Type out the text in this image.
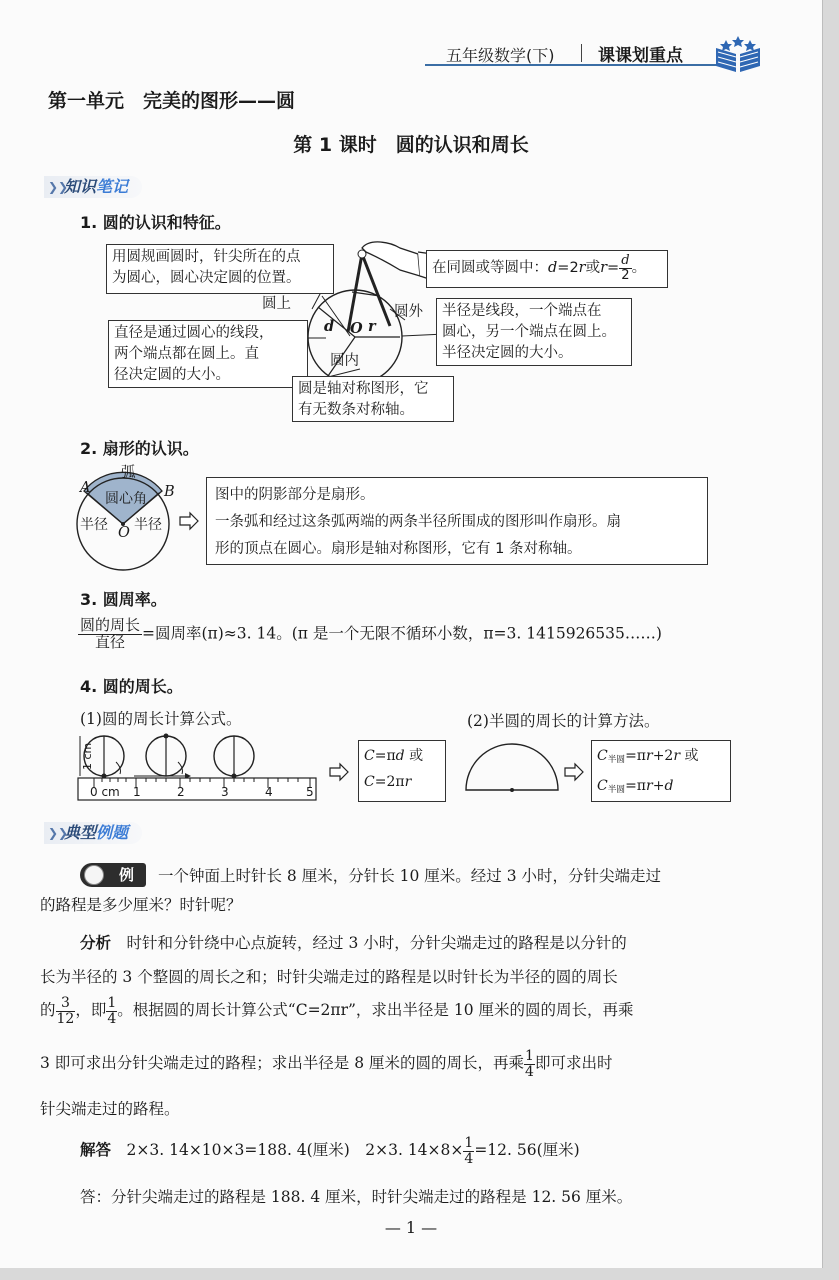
五年级数学(下)	课课划重点
第一单元　完美的图形——圆
第 1 课时　圆的认识和周长
❯❯
知识笔记
1. 圆的认识和特征。
用圆规画圆时，针尖所在的点
为圆心，圆心决定圆的位置。
在同圆或等圆中：d=2r或$r= \frac{d}{2}$ 。
半径是线段，一个端点在
圆心，另一个端点在圆上。
半径决定圆的大小。
直径是通过圆心的线段，
两个端点都在圆上。直
径决定圆的大小。
圆是轴对称图形，它
有无数条对称轴。
圆上	圆外
圆内
O
d r
2. 扇形的认识。
弧
A	B
圆心角
半径 半径
O
图中的阴影部分是扇形。
一条弧和经过这条弧两端的两条半径所围成的图形叫作扇形。扇
形的顶点在圆心。扇形是轴对称图形，它有 1 条对称轴。
3. 圆周率。
$\frac{\text{圆的周长}}{\text{直径}}$ =圆周率(π)≈3. 14。(π 是一个无限不循环小数，π=3. 1415926535……)
4. 圆的周长。
(1)圆的周长计算公式。	(2)半圆的周长的计算方法。
1 cm
0 cm 1	2	3	4	5
C=πd 或
C=2πr
$C_{半圆}=\pi r+2r$ 或
$C_{半圆}=\pi r+d$
❯❯
典型例题
例	一个钟面上时针长 8 厘米，分针长 10 厘米。经过 3 小时，分针尖端走过
的路程是多少厘米？时针呢？
分析　 时针和分针绕中心点旋转，经过 3 小时，分针尖端走过的路程是以分针的
长为半径的 3 个整圆的周长之和；时针尖端走过的路程是以时针长为半径的圆的周长
的 $\frac{3}{12}$ ，即 $\frac{1}{4}$ 。根据圆的周长计算公式“C=2πr”，求出半径是 10 厘米的圆的周长，再乘
3 即可求出分针尖端走过的路程；求出半径是 8 厘米的圆的周长，再乘 $\frac{1}{4}$ 即可求出时
针尖端走过的路程。
解答　 2×3. 14×10×3=188. 4(厘米)　2×3. $14\times 8\times \frac{1}{4} =12$. 56(厘米)
答：分针尖端走过的路程是 188. 4 厘米，时针尖端走过的路程是 12. 56 厘米。
— 1 —
